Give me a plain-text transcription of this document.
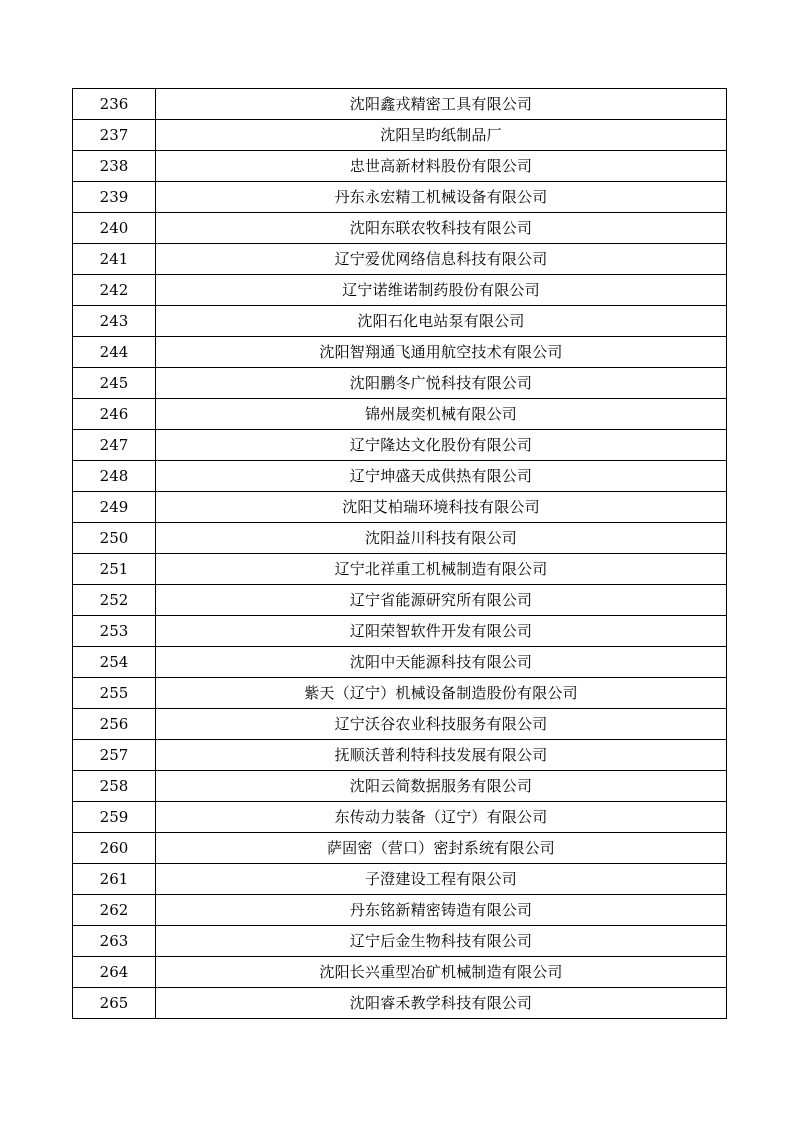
236	沈阳鑫戎精密工具有限公司
237	沈阳呈昀纸制品厂
238	忠世高新材料股份有限公司
239	丹东永宏精工机械设备有限公司
240	沈阳东联农牧科技有限公司
241	辽宁爱优网络信息科技有限公司
242	辽宁诺维诺制药股份有限公司
243	沈阳石化电站泵有限公司
244	沈阳智翔通飞通用航空技术有限公司
245	沈阳鹏冬广悦科技有限公司
246	锦州晟奕机械有限公司
247	辽宁隆达文化股份有限公司
248	辽宁坤盛天成供热有限公司
249	沈阳艾柏瑞环境科技有限公司
250	沈阳益川科技有限公司
251	辽宁北祥重工机械制造有限公司
252	辽宁省能源研究所有限公司
253	辽阳荣智软件开发有限公司
254	沈阳中天能源科技有限公司
255	紫天（辽宁）机械设备制造股份有限公司
256	辽宁沃谷农业科技服务有限公司
257	抚顺沃普利特科技发展有限公司
258	沈阳云简数据服务有限公司
259	东传动力装备（辽宁）有限公司
260	萨固密（营口）密封系统有限公司
261	子澄建设工程有限公司
262	丹东铭新精密铸造有限公司
263	辽宁后金生物科技有限公司
264	沈阳长兴重型冶矿机械制造有限公司
265	沈阳睿禾教学科技有限公司
